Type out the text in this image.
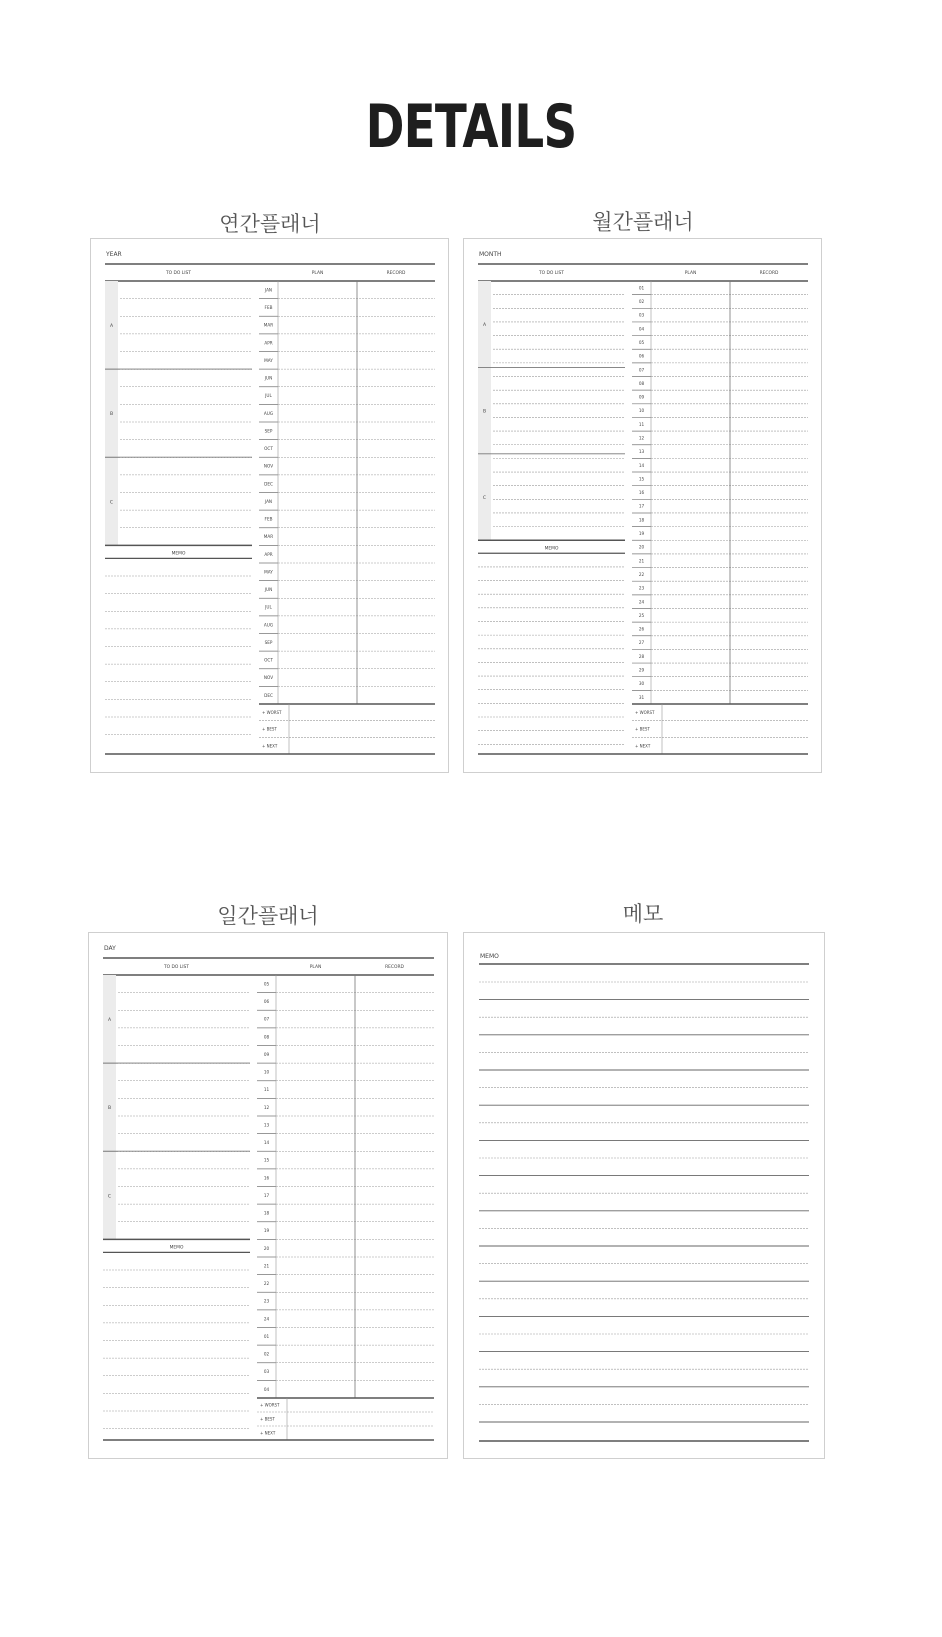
DETAILS
연간플래너	월간플래너
일간플래너	메모
YEAR
TO DO LIST	PLAN	RECORD
A
B
C
MEMO
JAN
FEB
MAR
APR
MAY
JUN
JUL
AUG
SEP
OCT
NOV
DEC
JAN
FEB
MAR
APR
MAY
JUN
JUL
AUG
SEP
OCT
NOV
DEC
+ WORST
+ BEST
+ NEXT
MONTH
TO DO LIST	PLAN	RECORD
A
B
C
MEMO
01
02
03
04
05
06
07
08
09
10
11
12
13
14
15
16
17
18
19
20
21
22
23
24
25
26
27
28
29
30
31
+ WORST
+ BEST
+ NEXT
DAY
TO DO LIST	PLAN	RECORD
A
B
C
MEMO
05
06
07
08
09
10
11
12
13
14
15
16
17
18
19
20
21
22
23
24
01
02
03
04
+ WORST
+ BEST
+ NEXT
MEMO
